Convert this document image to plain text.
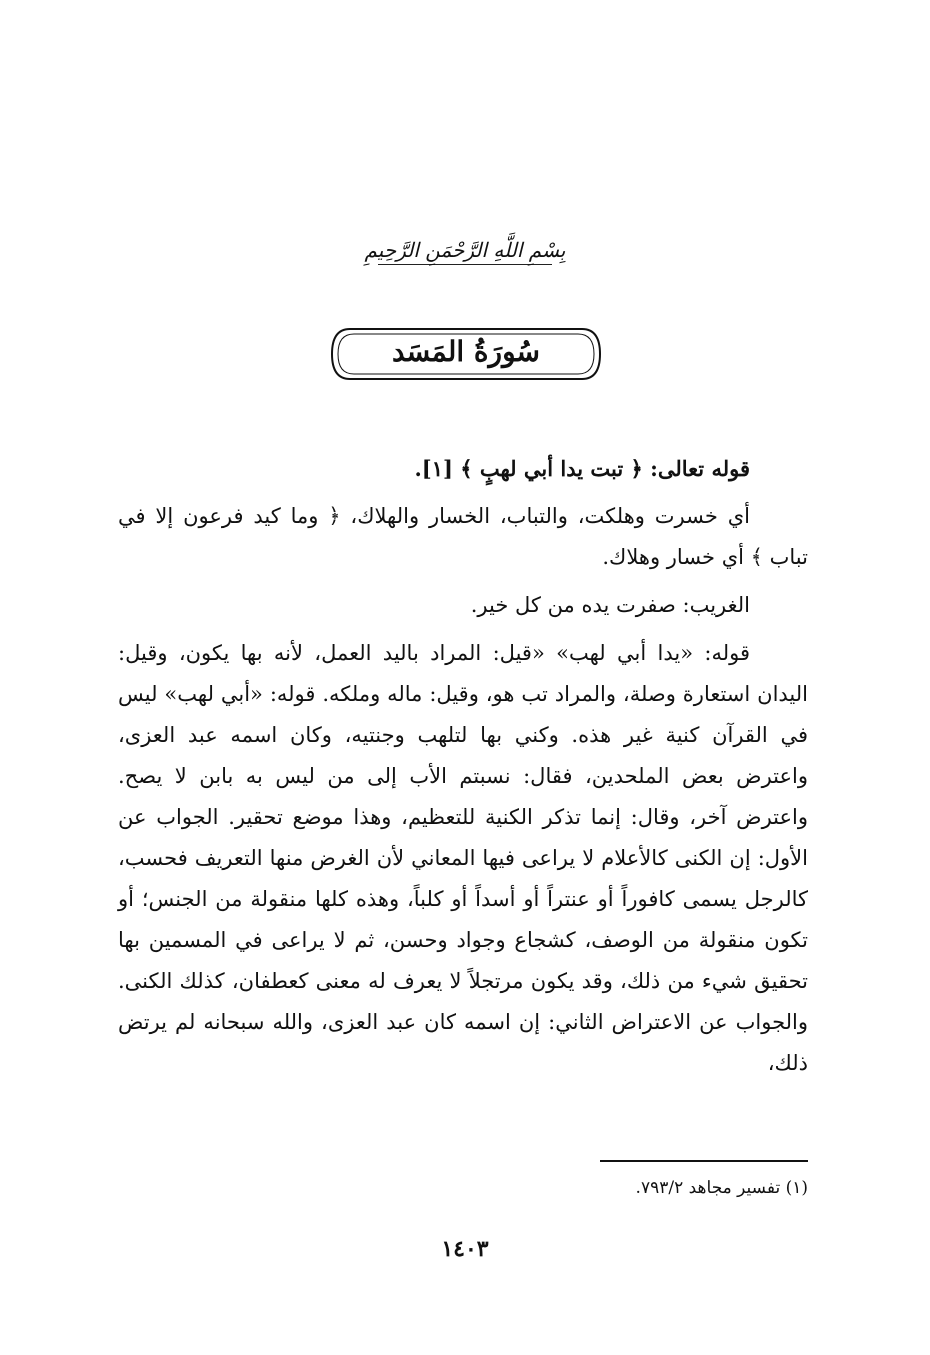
بِسْمِ اللَّهِ الرَّحْمَنِ الرَّحِيمِ
سُورَةُ المَسَد

قوله تعالى: ﴿ تبت يدا أبي لهبٍ ﴾ [١].

أي خسرت وهلكت، والتباب، الخسار والهلاك، ﴿ وما كيد فرعون إلا في تباب ﴾ أي خسار وهلاك.

الغريب: صفرت يده من كل خير.

قوله: «يدا أبي لهب» «قيل: المراد باليد العمل، لأنه بها يكون، وقيل: اليدان استعارة وصلة، والمراد تب هو، وقيل: ماله وملكه. قوله: «أبي لهب» ليس في القرآن كنية غير هذه. وكني بها لتلهب وجنتيه، وكان اسمه عبد العزى، واعترض بعض الملحدين، فقال: نسبتم الأب إلى من ليس به بابن لا يصح. واعترض آخر، وقال: إنما تذكر الكنية للتعظيم، وهذا موضع تحقير. الجواب عن الأول: إن الكنى كالأعلام لا يراعى فيها المعاني لأن الغرض منها التعريف فحسب، كالرجل يسمى كافوراً أو عنتراً أو أسداً أو كلباً، وهذه كلها منقولة من الجنس؛ أو تكون منقولة من الوصف، كشجاع وجواد وحسن، ثم لا يراعى في المسمين بها تحقيق شيء من ذلك، وقد يكون مرتجلاً لا يعرف له معنى كعطفان، كذلك الكنى. والجواب عن الاعتراض الثاني: إن اسمه كان عبد العزى، والله سبحانه لم يرتض ذلك،

(١) تفسير مجاهد ٧٩٣/٢.
١٤٠٣
